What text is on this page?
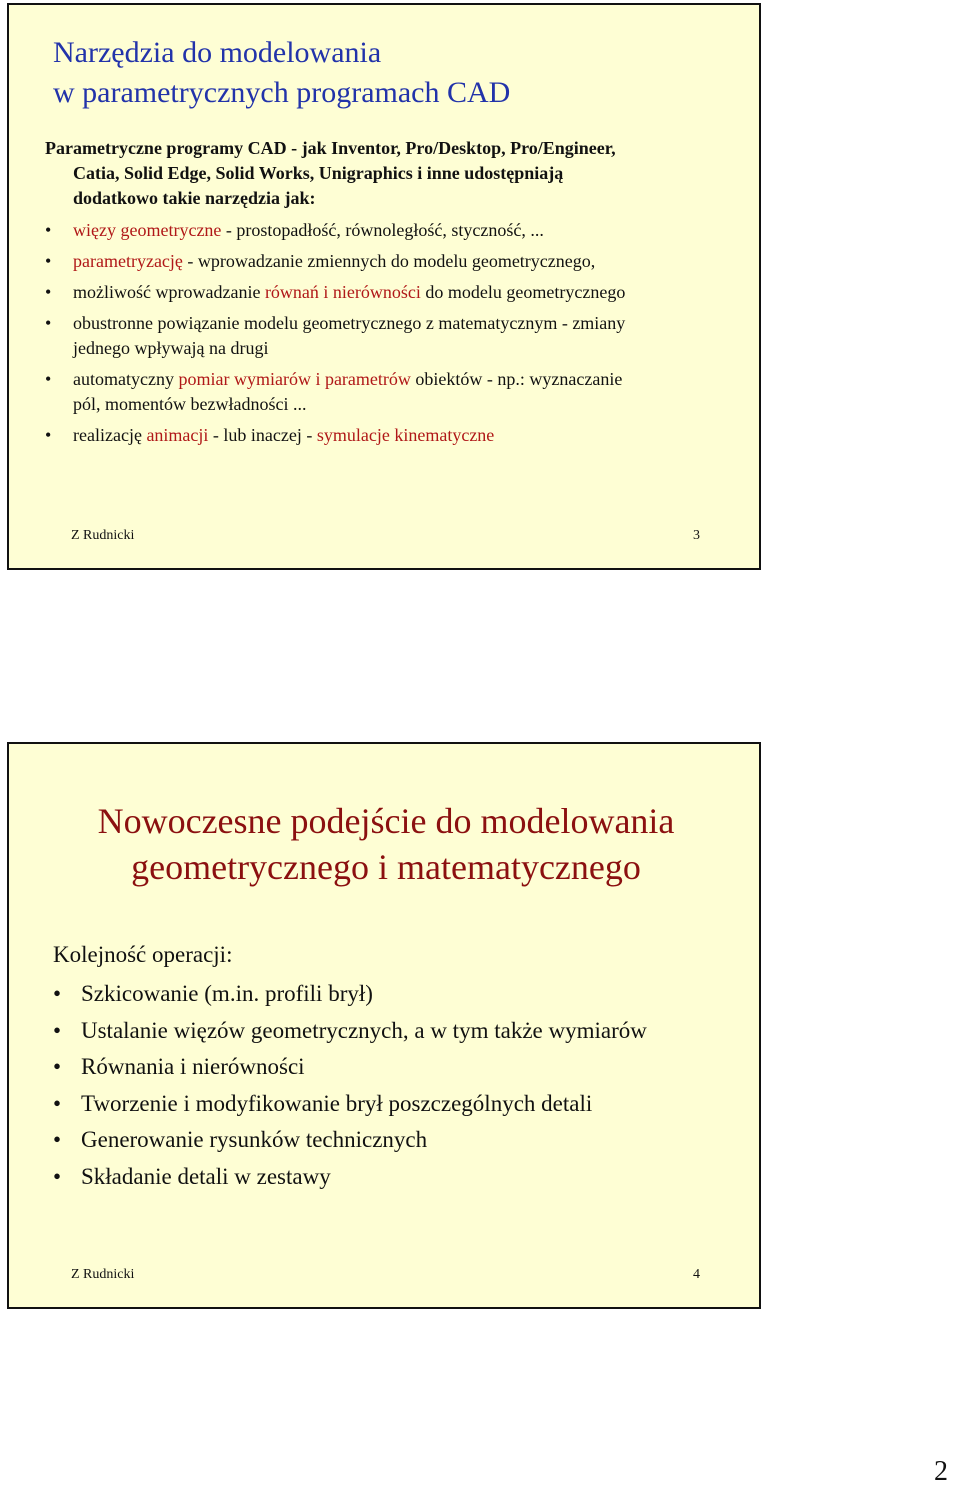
Narzędzia do modelowania
w parametrycznych programach CAD
Parametryczne programy CAD - jak Inventor, Pro/Desktop, Pro/Engineer,
Catia, Solid Edge, Solid Works, Unigraphics i inne udostępniają
dodatkowo takie narzędzia jak:
• więzy geometryczne - prostopadłość, równoległość, styczność, ...
• parametryzację - wprowadzanie zmiennych do modelu geometrycznego,
• możliwość wprowadzanie równań i nierówności do modelu geometrycznego
• obustronne powiązanie modelu geometrycznego z matematycznym - zmiany
jednego wpływają na drugi
• automatyczny pomiar wymiarów i parametrów obiektów - np.: wyznaczanie
pól, momentów bezwładności ...
• realizację animacji - lub inaczej - symulacje kinematyczne
Z Rudnicki	3
Nowoczesne podejście do modelowania
geometrycznego i matematycznego
Kolejność operacji:
• Szkicowanie (m.in. profili brył)
• Ustalanie więzów geometrycznych, a w tym także wymiarów
• Równania i nierówności
• Tworzenie i modyfikowanie brył poszczególnych detali
• Generowanie rysunków technicznych
• Składanie detali w zestawy
Z Rudnicki	4
2
